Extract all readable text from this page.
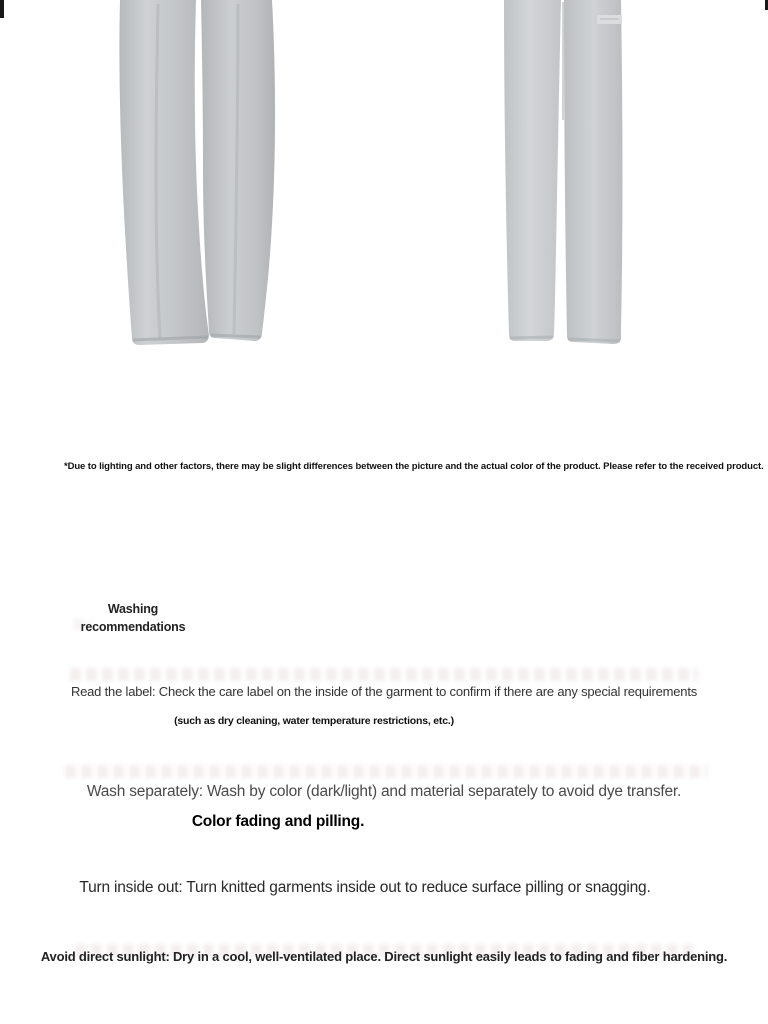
*Due to lighting and other factors, there may be slight differences between the picture and the actual color of the product. Please refer to the received product.

Washing
recommendations

Read the label: Check the care label on the inside of the garment to confirm if there are any special requirements

(such as dry cleaning, water temperature restrictions, etc.)

Wash separately: Wash by color (dark/light) and material separately to avoid dye transfer.

Color fading and pilling.

Turn inside out: Turn knitted garments inside out to reduce surface pilling or snagging.

Avoid direct sunlight: Dry in a cool, well-ventilated place. Direct sunlight easily leads to fading and fiber hardening.
